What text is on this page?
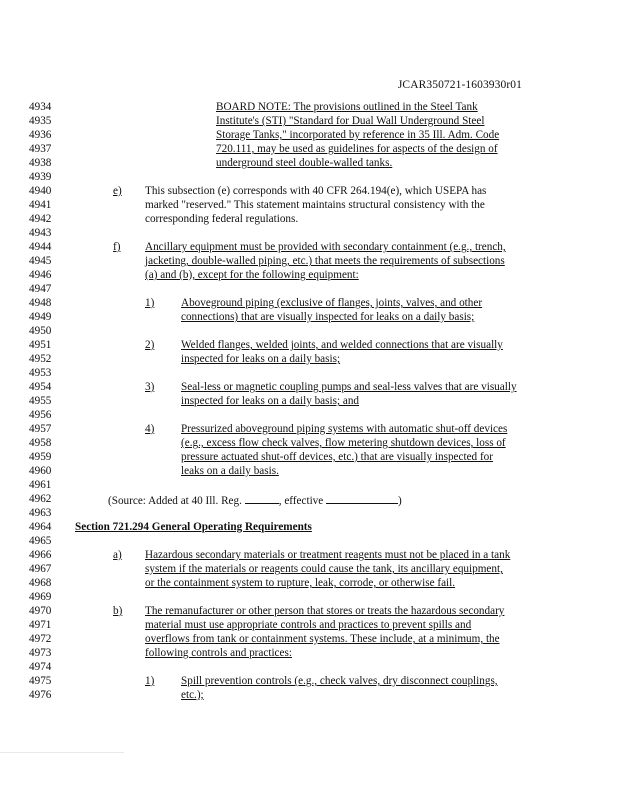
JCAR350721-1603930r01
4934
4935
4936
4937
4938
4939
4940
4941
4942
4943
4944
4945
4946
4947
4948
4949
4950
4951
4952
4953
4954
4955
4956
4957
4958
4959
4960
4961
4962
4963
4964
4965
4966
4967
4968
4969
4970
4971
4972
4973
4974
4975
4976
BOARD NOTE: The provisions outlined in the Steel Tank
Institute's (STI) "Standard for Dual Wall Underground Steel
Storage Tanks," incorporated by reference in 35 Ill. Adm. Code
720.111, may be used as guidelines for aspects of the design of
underground steel double-walled tanks.
e) This subsection (e) corresponds with 40 CFR 264.194(e), which USEPA has
marked "reserved." This statement maintains structural consistency with the
corresponding federal regulations.
f) Ancillary equipment must be provided with secondary containment (e.g., trench,
jacketing, double-walled piping, etc.) that meets the requirements of subsections
(a) and (b), except for the following equipment:
1) Aboveground piping (exclusive of flanges, joints, valves, and other
connections) that are visually inspected for leaks on a daily basis;
2) Welded flanges, welded joints, and welded connections that are visually
inspected for leaks on a daily basis;
3) Seal-less or magnetic coupling pumps and seal-less valves that are visually
inspected for leaks on a daily basis; and
4) Pressurized aboveground piping systems with automatic shut-off devices
(e.g., excess flow check valves, flow metering shutdown devices, loss of
pressure actuated shut-off devices, etc.) that are visually inspected for
leaks on a daily basis.
(Source: Added at 40 Ill. Reg.	, effective	)
Section 721.294 General Operating Requirements
a) Hazardous secondary materials or treatment reagents must not be placed in a tank
system if the materials or reagents could cause the tank, its ancillary equipment,
or the containment system to rupture, leak, corrode, or otherwise fail.
b) The remanufacturer or other person that stores or treats the hazardous secondary
material must use appropriate controls and practices to prevent spills and
overflows from tank or containment systems. These include, at a minimum, the
following controls and practices:
1) Spill prevention controls (e.g., check valves, dry disconnect couplings,
etc.);
